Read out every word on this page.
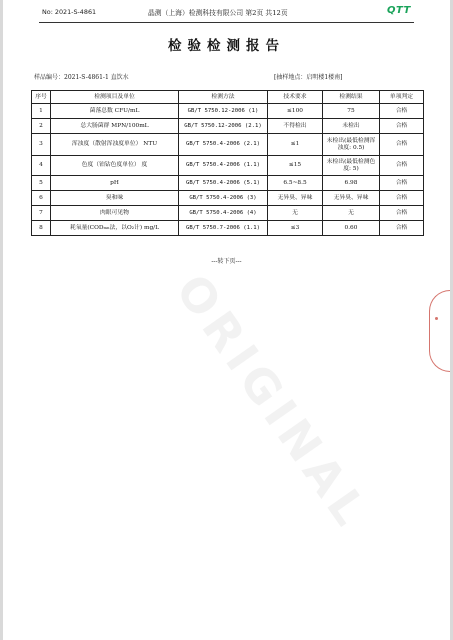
No: 2021-S-4861	晶测（上海）检测科技有限公司 第2页 共12页	QTT
检验检测报告
样品编号：2021-S-4861-1 直饮水	[抽样地点：启明楼1楼南]
序号	检测项目及单位	检测方法	技术要求	检测结果	单项判定
1	菌落总数 CFU/mL	GB/T 5750.12-2006 (1)	≤100	75	合格
2	总大肠菌群 MPN/100mL	GB/T 5750.12-2006 (2.1)	不得检出	未检出	合格
3	浑浊度（散射浑浊度单位） NTU	GB/T 5750.4-2006 (2.1)	≤1	未检出(最低检测浑浊度: 0.5)	合格
4	色度（铂钴色度单位） 度	GB/T 5750.4-2006 (1.1)	≤15	未检出(最低检测色度: 5)	合格
5	pH	GB/T 5750.4-2006 (5.1)	6.5~8.5	6.98	合格
6	臭和味	GB/T 5750.4-2006 (3)	无异臭、异味	无异臭、异味	合格
7	肉眼可见物	GB/T 5750.4-2006 (4)	无	无	合格
8	耗氧量(CODₘₙ法，以O₂计) mg/L	GB/T 5750.7-2006 (1.1)	≤3	0.60	合格
---转下页---
ORIGINAL
